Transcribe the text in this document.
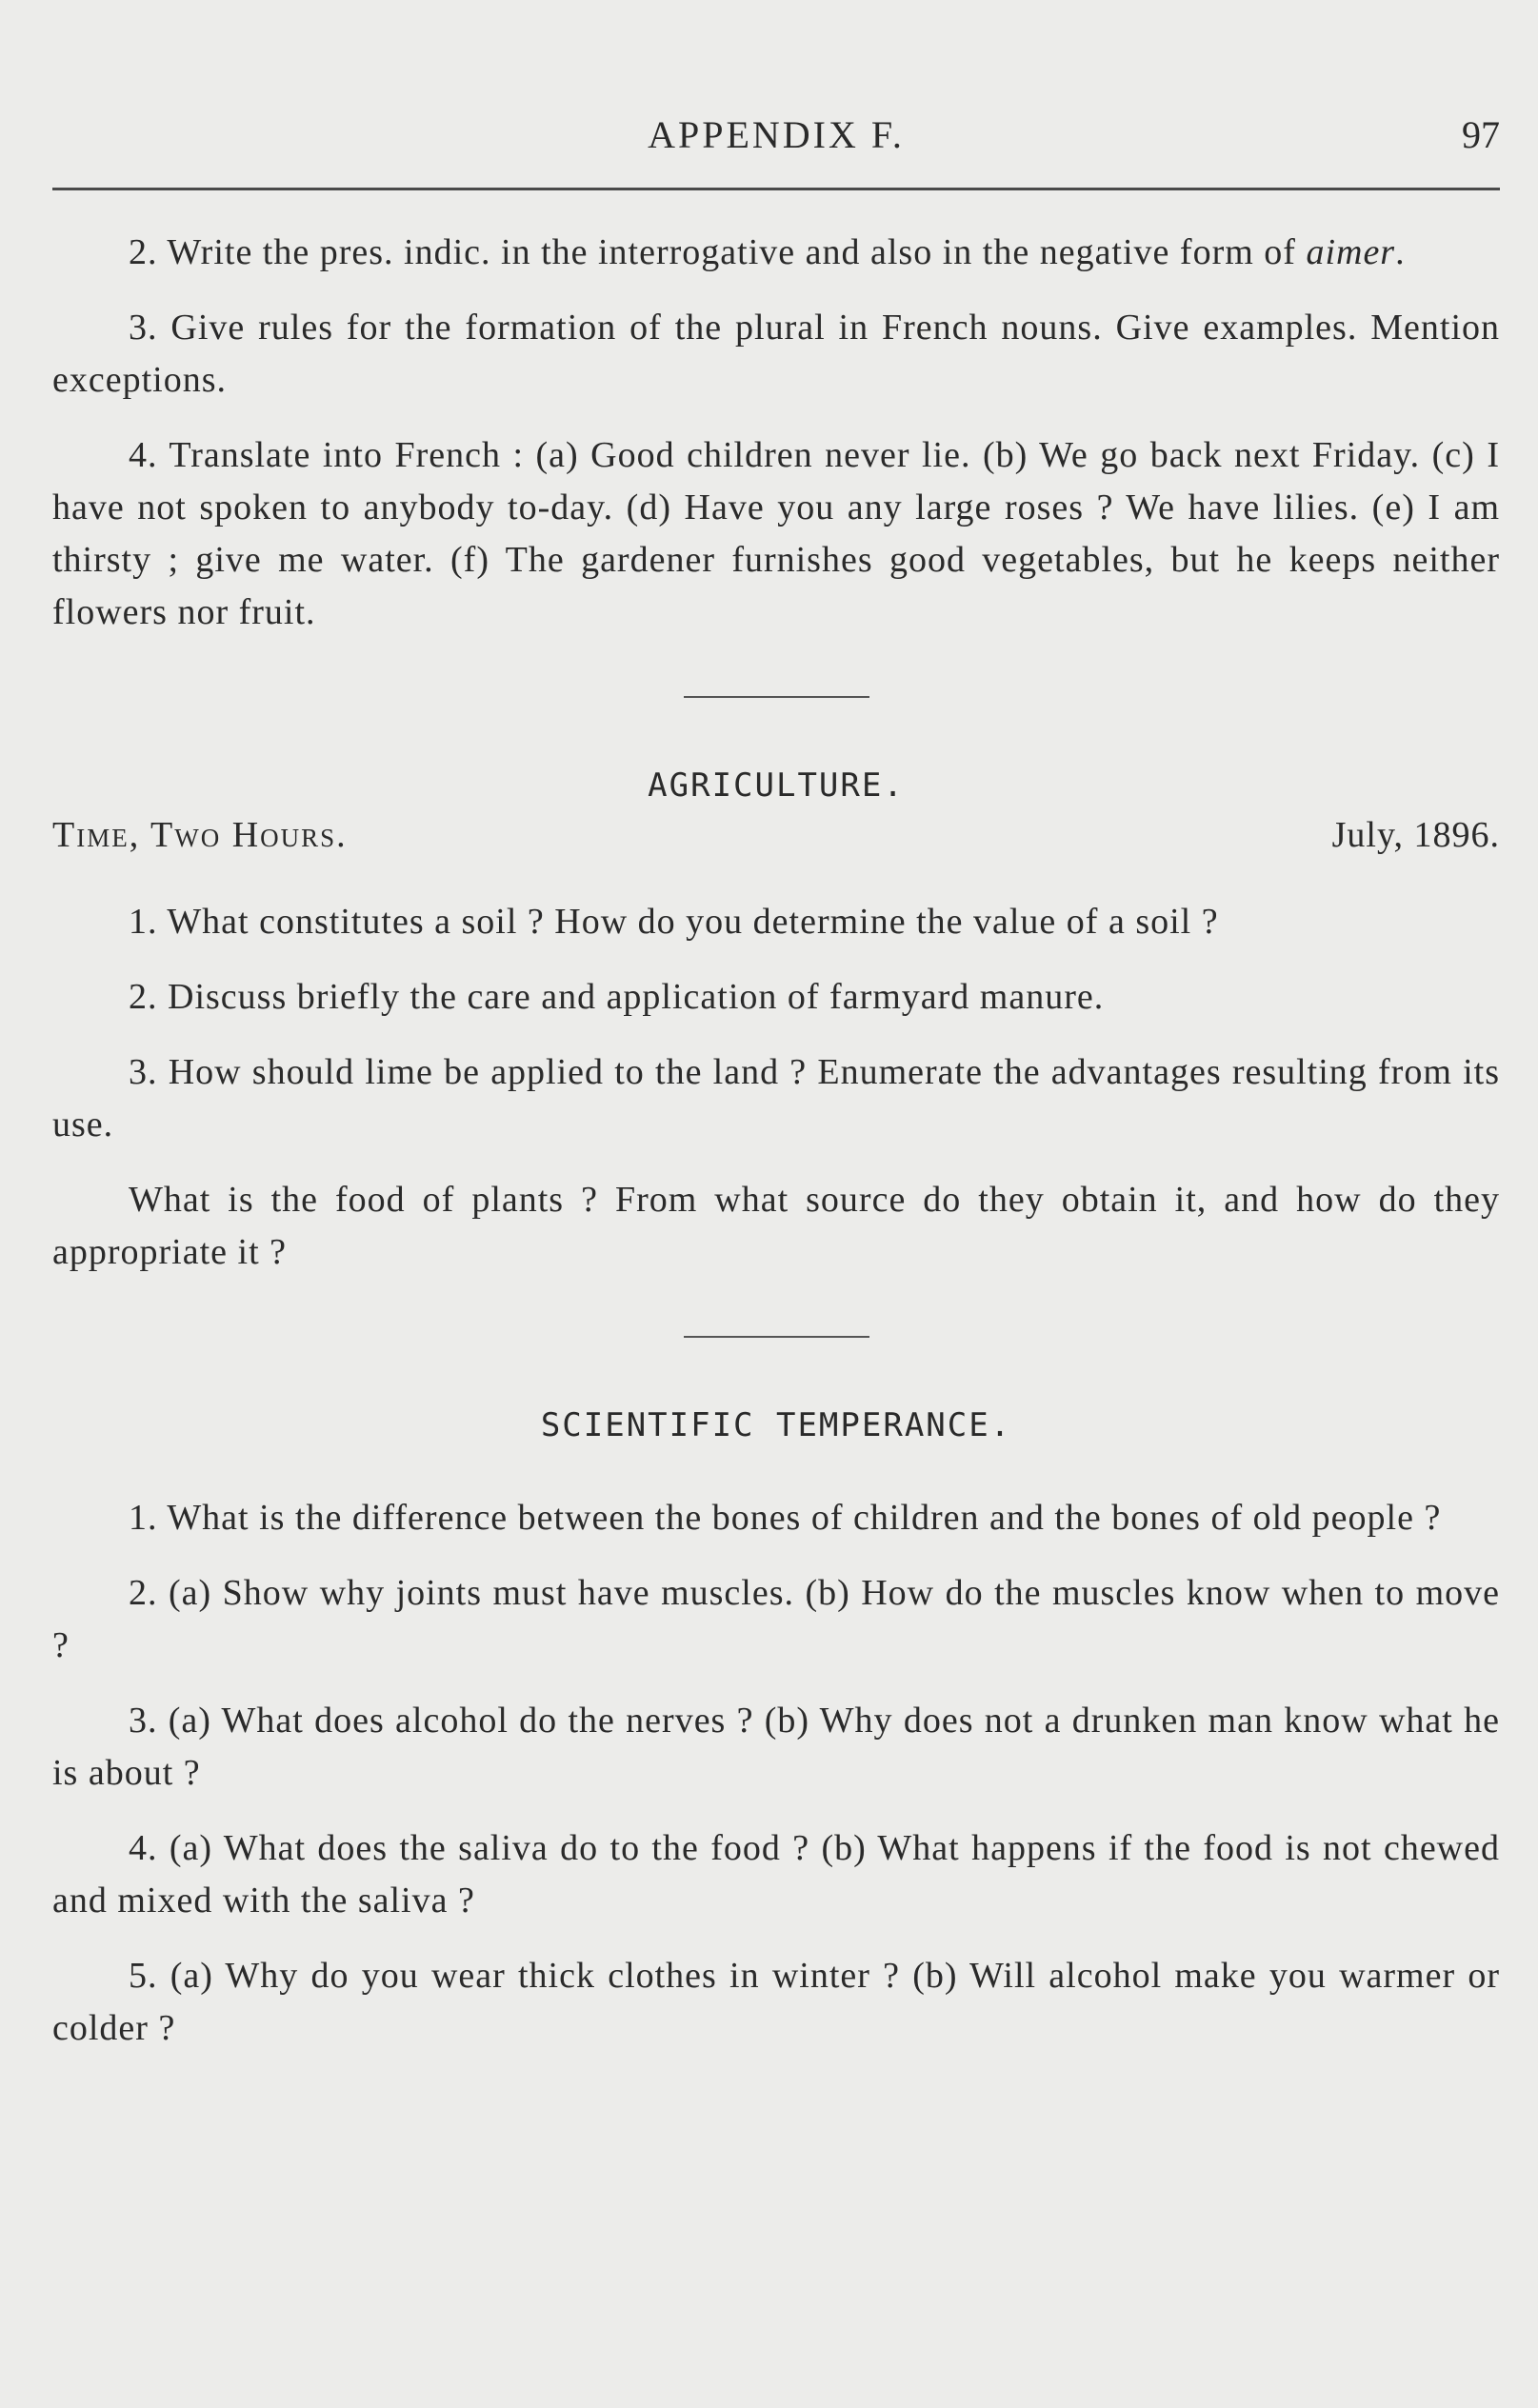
APPENDIX F.	97

2. Write the pres. indic. in the interrogative and also in the negative form of aimer.

3. Give rules for the formation of the plural in French nouns. Give examples. Mention exceptions.

4. Translate into French : (a) Good children never lie. (b) We go back next Friday. (c) I have not spoken to anybody to-day. (d) Have you any large roses ? We have lilies. (e) I am thirsty ; give me water. (f) The gardener furnishes good vegetables, but he keeps neither flowers nor fruit.

AGRICULTURE.
Time, Two Hours.	July, 1896.

1. What constitutes a soil ? How do you determine the value of a soil ?

2. Discuss briefly the care and application of farmyard manure.

3. How should lime be applied to the land ? Enumerate the advantages resulting from its use.

What is the food of plants ? From what source do they obtain it, and how do they appropriate it ?

SCIENTIFIC TEMPERANCE.

1. What is the difference between the bones of children and the bones of old people ?

2. (a) Show why joints must have muscles. (b) How do the muscles know when to move ?

3. (a) What does alcohol do the nerves ? (b) Why does not a drunken man know what he is about ?

4. (a) What does the saliva do to the food ? (b) What happens if the food is not chewed and mixed with the saliva ?

5. (a) Why do you wear thick clothes in winter ? (b) Will alcohol make you warmer or colder ?
